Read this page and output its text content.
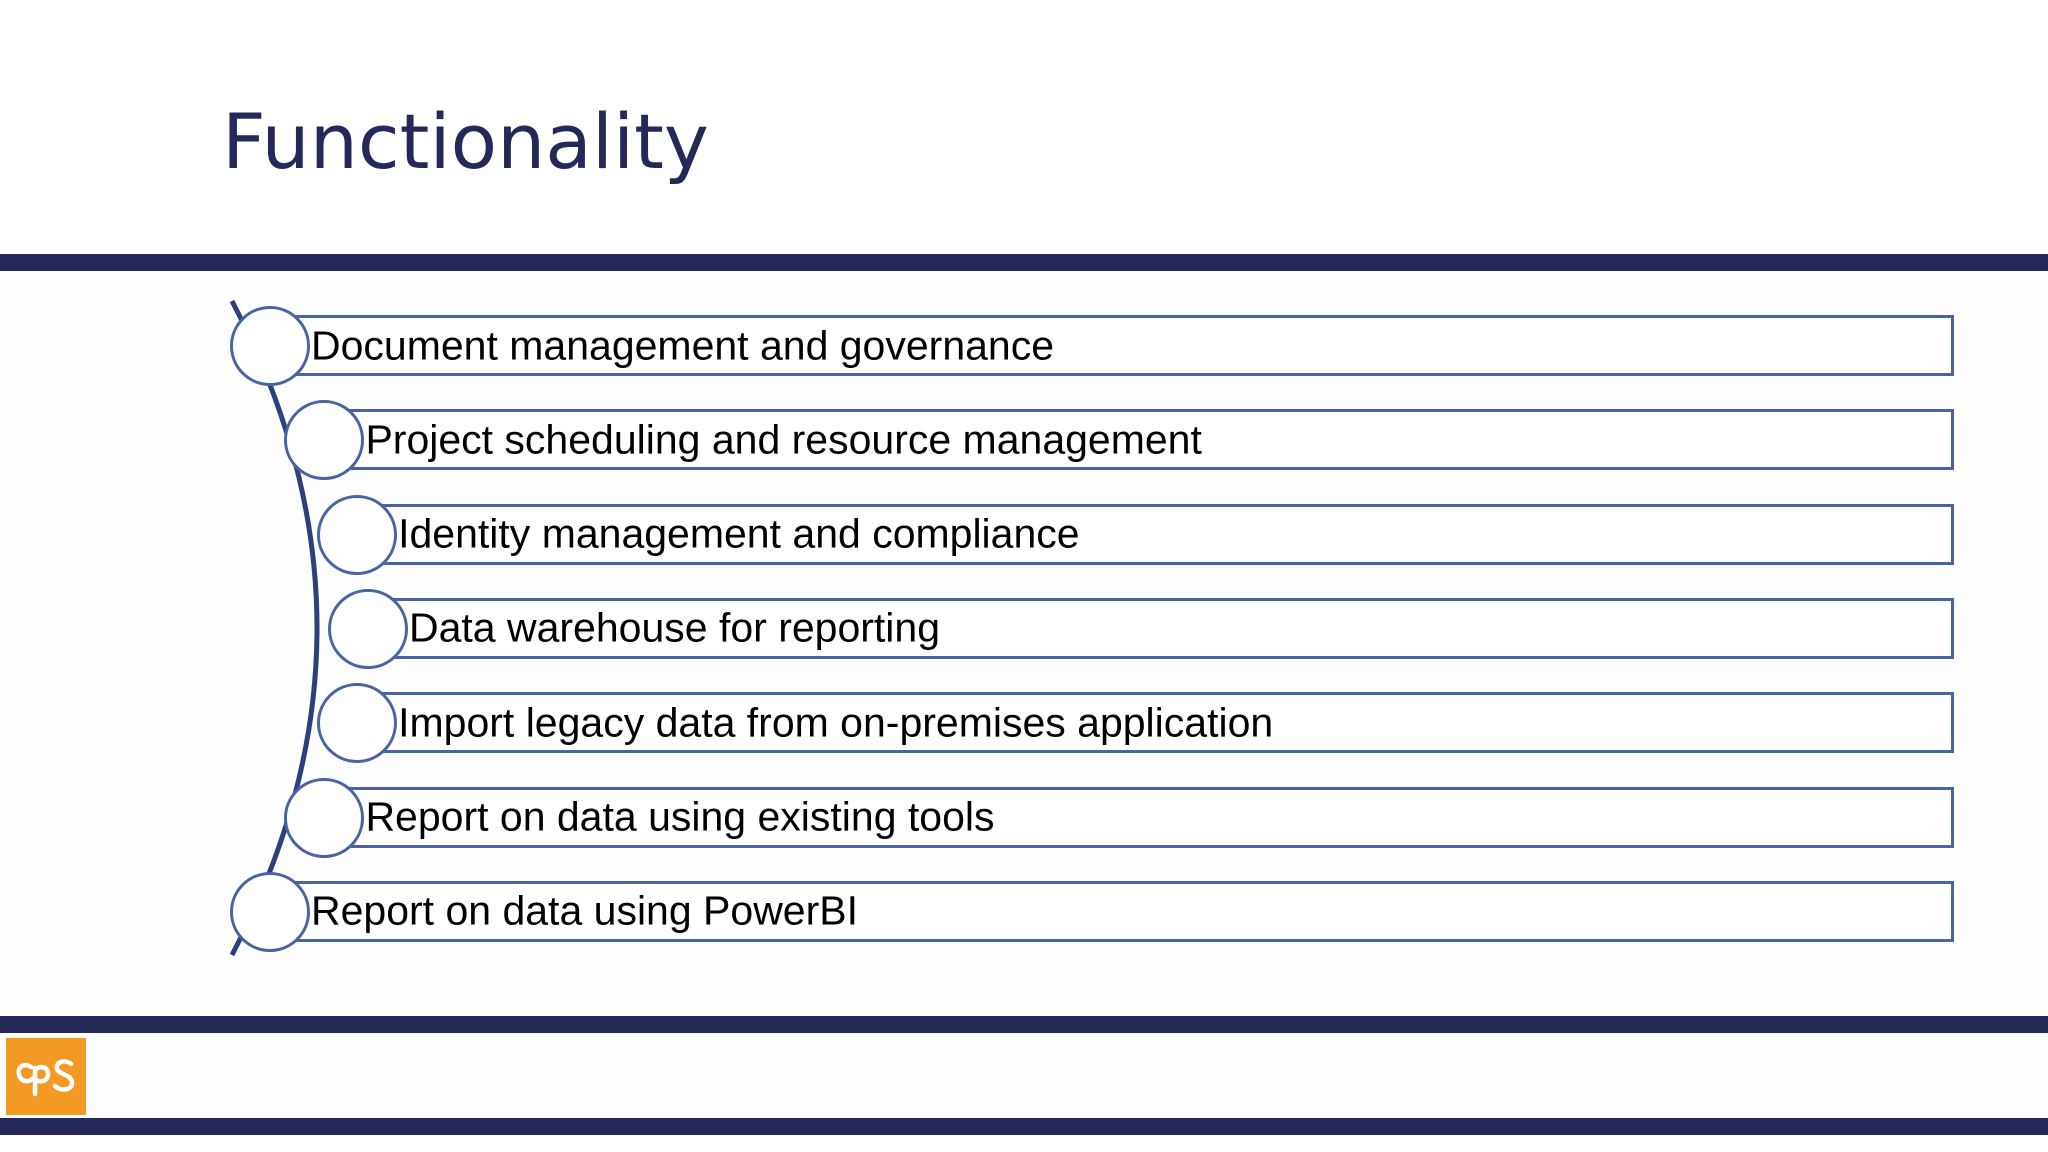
Functionality
Document management and governance
Project scheduling and resource management
Identity management and compliance
Data warehouse for reporting
Import legacy data from on-premises application
Report on data using existing tools
Report on data using PowerBI
